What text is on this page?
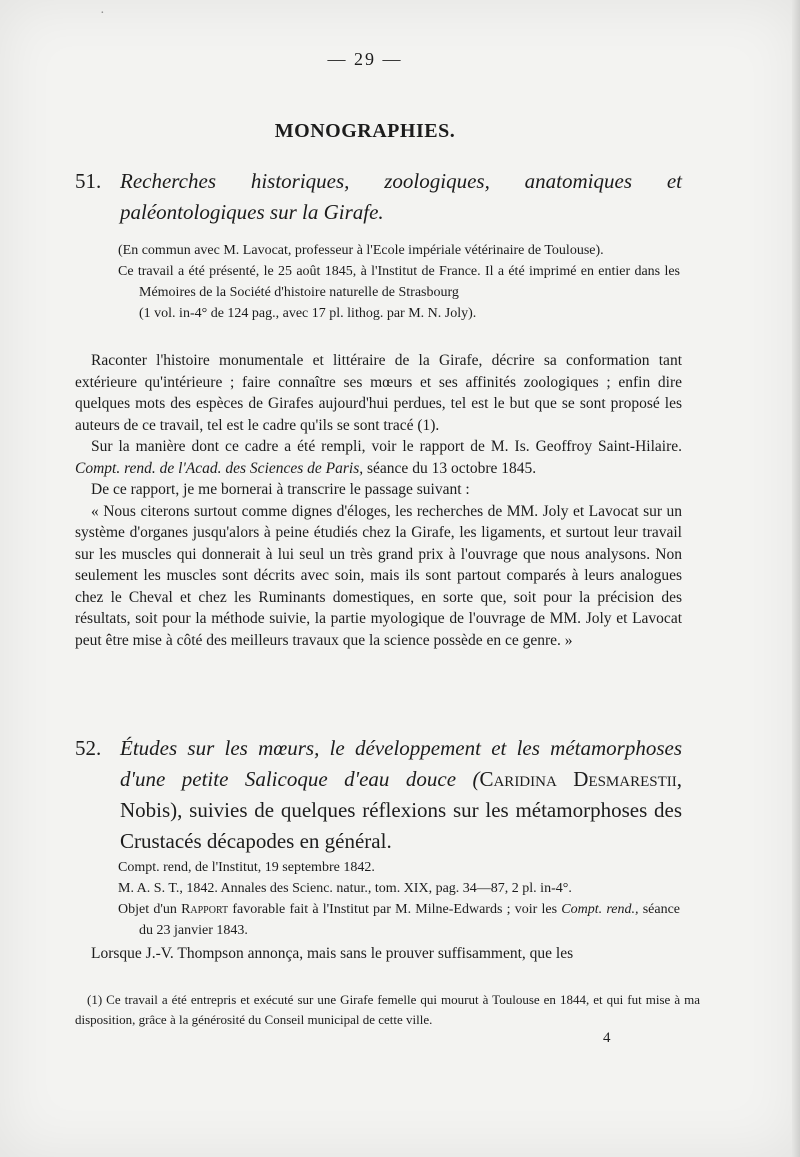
·
— 29 —
MONOGRAPHIES.
51. Recherches historiques, zoologiques, anatomiques et paléontologiques sur la Girafe.

(En commun avec M. Lavocat, professeur à l'Ecole impériale vétérinaire de Toulouse).

Ce travail a été présenté, le 25 août 1845, à l'Institut de France. Il a été imprimé en entier dans les Mémoires de la Société d'histoire naturelle de Strasbourg

(1 vol. in-4° de 124 pag., avec 17 pl. lithog. par M. N. Joly).

Raconter l'histoire monumentale et littéraire de la Girafe, décrire sa conformation tant extérieure qu'intérieure ; faire connaître ses mœurs et ses affinités zoologiques ; enfin dire quelques mots des espèces de Girafes aujourd'hui perdues, tel est le but que se sont proposé les auteurs de ce travail, tel est le cadre qu'ils se sont tracé (1).

Sur la manière dont ce cadre a été rempli, voir le rapport de M. Is. Geoffroy Saint-Hilaire. Compt. rend. de l'Acad. des Sciences de Paris, séance du 13 octobre 1845.

De ce rapport, je me bornerai à transcrire le passage suivant :

« Nous citerons surtout comme dignes d'éloges, les recherches de MM. Joly et Lavocat sur un système d'organes jusqu'alors à peine étudiés chez la Girafe, les ligaments, et surtout leur travail sur les muscles qui donnerait à lui seul un très grand prix à l'ouvrage que nous analysons. Non seulement les muscles sont décrits avec soin, mais ils sont partout comparés à leurs analogues chez le Cheval et chez les Ruminants domestiques, en sorte que, soit pour la précision des résultats, soit pour la méthode suivie, la partie myologique de l'ouvrage de MM. Joly et Lavocat peut être mise à côté des meilleurs travaux que la science possède en ce genre. »

52. Études sur les mœurs, le développement et les métamorphoses d'une petite Salicoque d'eau douce (Caridina Desmarestii, Nobis), suivies de quelques réflexions sur les métamorphoses des Crustacés décapodes en général.

Compt. rend, de l'Institut, 19 septembre 1842.

M. A. S. T., 1842. Annales des Scienc. natur., tom. XIX, pag. 34—87, 2 pl. in-4°.

Objet d'un Rapport favorable fait à l'Institut par M. Milne-Edwards ; voir les Compt. rend., séance du 23 janvier 1843.

Lorsque J.-V. Thompson annonça, mais sans le prouver suffisamment, que les

(1) Ce travail a été entrepris et exécuté sur une Girafe femelle qui mourut à Toulouse en 1844, et qui fut mise à ma disposition, grâce à la générosité du Conseil municipal de cette ville.

4
